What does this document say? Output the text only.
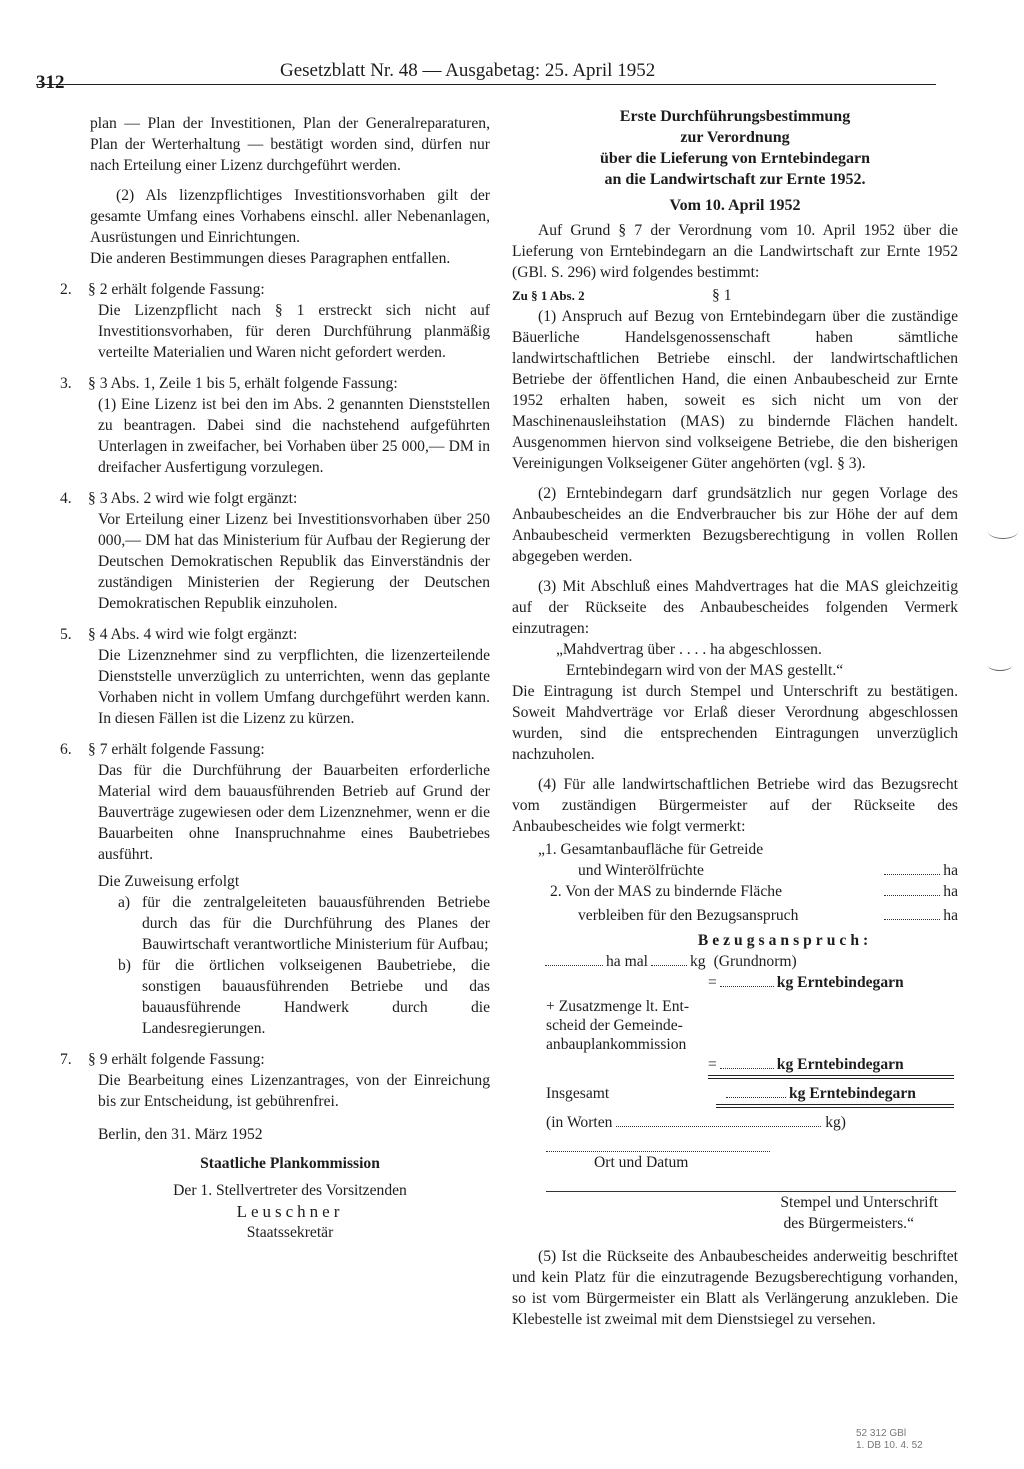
312
Gesetzblatt Nr. 48 — Ausgabetag: 25. April 1952

plan — Plan der Investitionen, Plan der Generalreparaturen, Plan der Werterhaltung — bestätigt worden sind, dürfen nur nach Erteilung einer Lizenz durchgeführt werden.

(2) Als lizenzpflichtiges Investitionsvorhaben gilt der gesamte Umfang eines Vorhabens einschl. aller Nebenanlagen, Ausrüstungen und Einrichtungen.

Die anderen Bestimmungen dieses Paragraphen entfallen.

2.	§ 2 erhält folgende Fassung:
Die Lizenzpflicht nach § 1 erstreckt sich nicht auf Investitionsvorhaben, für deren Durchführung planmäßig verteilte Materialien und Waren nicht gefordert werden.
3.	§ 3 Abs. 1, Zeile 1 bis 5, erhält folgende Fassung:
(1) Eine Lizenz ist bei den im Abs. 2 genannten Dienststellen zu beantragen. Dabei sind die nachstehend aufgeführten Unterlagen in zweifacher, bei Vorhaben über 25 000,— DM in dreifacher Ausfertigung vorzulegen.
4.	§ 3 Abs. 2 wird wie folgt ergänzt:
Vor Erteilung einer Lizenz bei Investitionsvorhaben über 250 000,— DM hat das Ministerium für Aufbau der Regierung der Deutschen Demokratischen Republik das Einverständnis der zuständigen Ministerien der Regierung der Deutschen Demokratischen Republik einzuholen.
5.	§ 4 Abs. 4 wird wie folgt ergänzt:
Die Lizenznehmer sind zu verpflichten, die lizenzerteilende Dienststelle unverzüglich zu unterrichten, wenn das geplante Vorhaben nicht in vollem Umfang durchgeführt werden kann. In diesen Fällen ist die Lizenz zu kürzen.
6.	§ 7 erhält folgende Fassung:
Das für die Durchführung der Bauarbeiten erforderliche Material wird dem bauausführenden Betrieb auf Grund der Bauverträge zugewiesen oder dem Lizenznehmer, wenn er die Bauarbeiten ohne Inanspruchnahme eines Baubetriebes ausführt.
Die Zuweisung erfolgt
a) für die zentralgeleiteten bauausführenden Betriebe durch das für die Durchführung des Planes der Bauwirtschaft verantwortliche Ministerium für Aufbau;
b) für die örtlichen volkseigenen Baubetriebe, die sonstigen bauausführenden Betriebe und das bauausführende Handwerk durch die Landesregierungen.
7.	§ 9 erhält folgende Fassung:
Die Bearbeitung eines Lizenzantrages, von der Einreichung bis zur Entscheidung, ist gebührenfrei.
Berlin, den 31. März 1952
Staatliche Plankommission
Der 1. Stellvertreter des Vorsitzenden
Leuschner
Staatssekretär
Erste Durchführungsbestimmung
zur Verordnung
über die Lieferung von Erntebindegarn
an die Landwirtschaft zur Ernte 1952.
Vom 10. April 1952

Auf Grund § 7 der Verordnung vom 10. April 1952 über die Lieferung von Erntebindegarn an die Landwirtschaft zur Ernte 1952 (GBl. S. 296) wird folgendes bestimmt:

Zu § 1 Abs. 2	§ 1

(1) Anspruch auf Bezug von Erntebindegarn über die zuständige Bäuerliche Handelsgenossenschaft haben sämtliche landwirtschaftlichen Betriebe einschl. der landwirtschaftlichen Betriebe der öffentlichen Hand, die einen Anbaubescheid zur Ernte 1952 erhalten haben, soweit es sich nicht um von der Maschinenausleihstation (MAS) zu bindernde Flächen handelt. Ausgenommen hiervon sind volkseigene Betriebe, die den bisherigen Vereinigungen Volkseigener Güter angehörten (vgl. § 3).

(2) Erntebindegarn darf grundsätzlich nur gegen Vorlage des Anbaubescheides an die Endverbraucher bis zur Höhe der auf dem Anbaubescheid vermerkten Bezugsberechtigung in vollen Rollen abgegeben werden.

(3) Mit Abschluß eines Mahdvertrages hat die MAS gleichzeitig auf der Rückseite des Anbaubescheides folgenden Vermerk einzutragen:

„Mahdvertrag über . . . . ha abgeschlossen.
Erntebindegarn wird von der MAS gestellt.“

Die Eintragung ist durch Stempel und Unterschrift zu bestätigen. Soweit Mahdverträge vor Erlaß dieser Verordnung abgeschlossen wurden, sind die entsprechenden Eintragungen unverzüglich nachzuholen.

(4) Für alle landwirtschaftlichen Betriebe wird das Bezugsrecht vom zuständigen Bürgermeister auf der Rückseite des Anbaubescheides wie folgt vermerkt:

„1. Gesamtanbaufläche für Getreide
und Winterölfrüchte	ha
2. Von der MAS zu bindernde Fläche	ha
verbleiben für den Bezugsanspruch	ha
Bezugsanspruch:
ha mal	kg (Grundnorm)
=	kg Erntebindegarn
+ Zusatzmenge lt. Ent-
scheid der Gemeinde-
anbauplankommission
=	kg Erntebindegarn
Insgesamt	kg Erntebindegarn
(in Worten	kg)
Ort und Datum
Stempel und Unterschrift
des Bürgermeisters.“

(5) Ist die Rückseite des Anbaubescheides anderweitig beschriftet und kein Platz für die einzutragende Bezugsberechtigung vorhanden, so ist vom Bürgermeister ein Blatt als Verlängerung anzukleben. Die Klebestelle ist zweimal mit dem Dienstsiegel zu versehen.

52 312 GBl
1. DB 10. 4. 52
